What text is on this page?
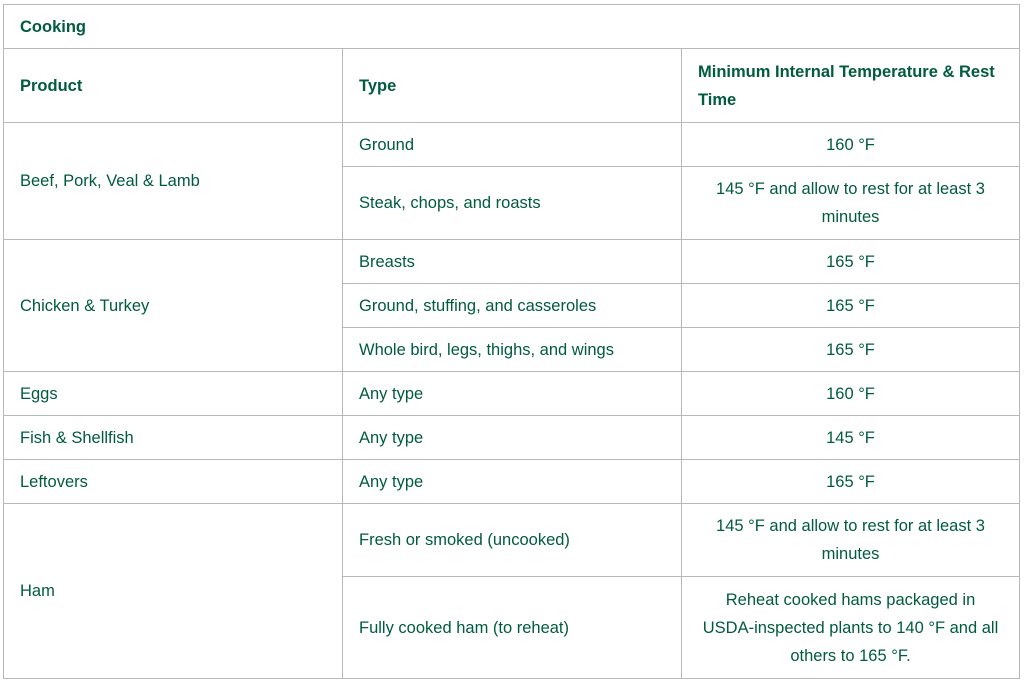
Cooking		
Product	Type	Minimum Internal Temperature & Rest Time
Beef, Pork, Veal & Lamb	Ground	160 °F
	Steak, chops, and roasts	145 °F and allow to rest for at least 3 minutes
Chicken & Turkey	Breasts	165 °F
	Ground, stuffing, and casseroles	165 °F
	Whole bird, legs, thighs, and wings	165 °F
Eggs	Any type	160 °F
Fish & Shellfish	Any type	145 °F
Leftovers	Any type	165 °F
Ham	Fresh or smoked (uncooked)	145 °F and allow to rest for at least 3 minutes
	Fully cooked ham (to reheat)	Reheat cooked hams packaged in USDA-inspected plants to 140 °F and all others to 165 °F.
